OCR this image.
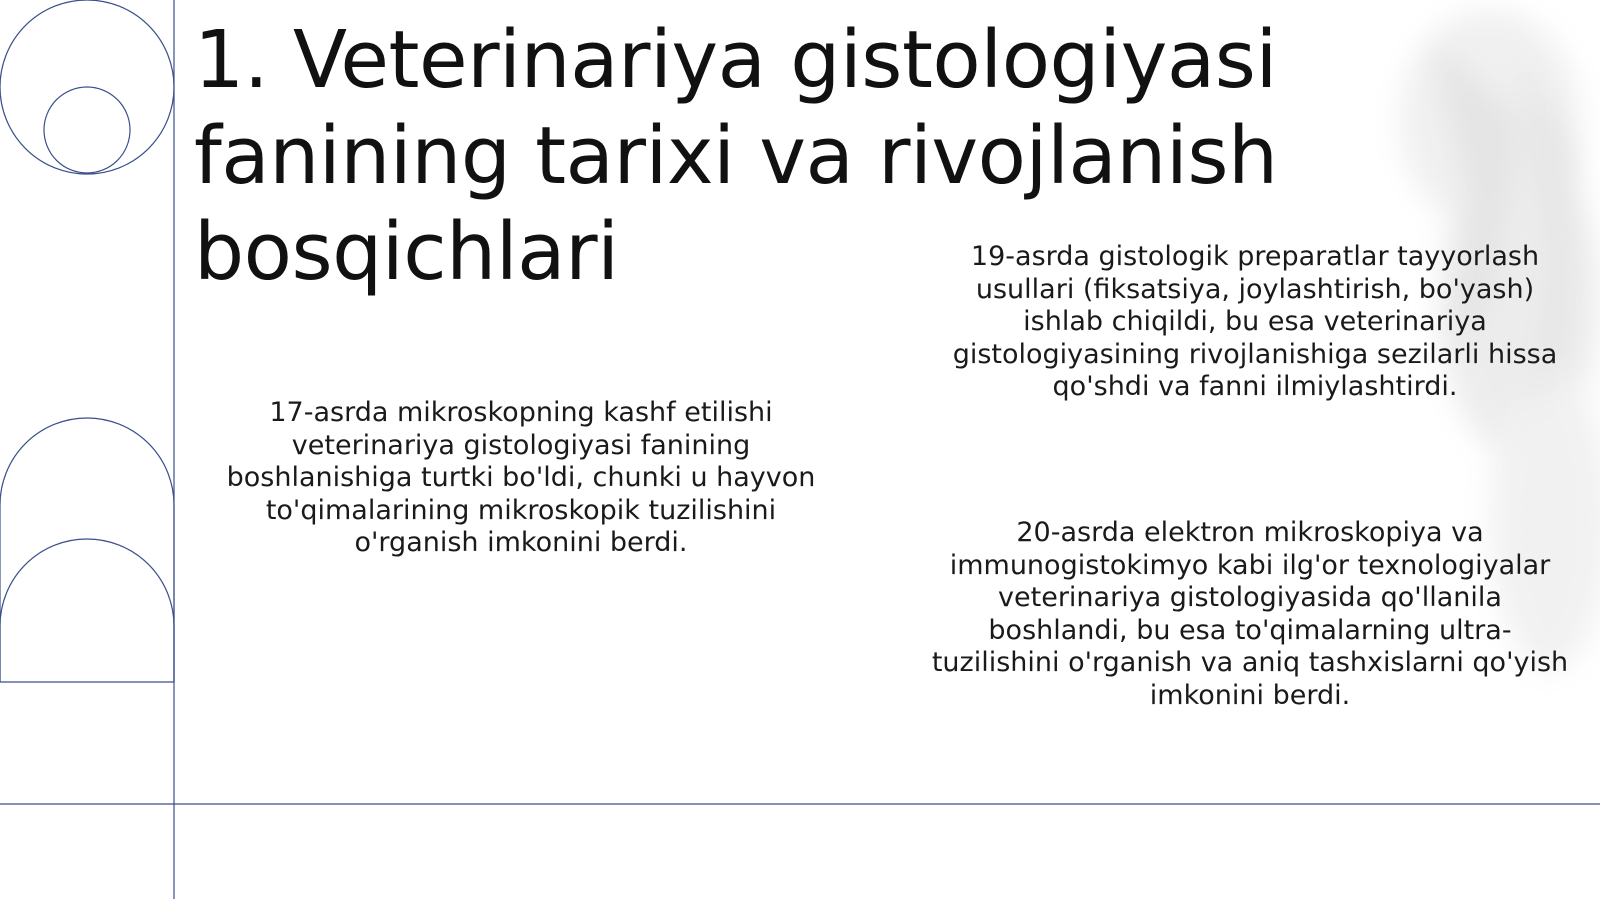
1. Veterinariya gistologiyasi fanining tarixi va rivojlanish bosqichlari

17-asrda mikroskopning kashf etilishi veterinariya gistologiyasi fanining boshlanishiga turtki bo'ldi, chunki u hayvon to'qimalarining mikroskopik tuzilishini o'rganish imkonini berdi.

19-asrda gistologik preparatlar tayyorlash usullari (fiksatsiya, joylashtirish, bo'yash) ishlab chiqildi, bu esa veterinariya gistologiyasining rivojlanishiga sezilarli hissa qo'shdi va fanni ilmiylashtirdi.

20-asrda elektron mikroskopiya va immunogistokimyo kabi ilg'or texnologiyalar veterinariya gistologiyasida qo'llanila boshlandi, bu esa to'qimalarning ultra-tuzilishini o'rganish va aniq tashxislarni qo'yish imkonini berdi.
